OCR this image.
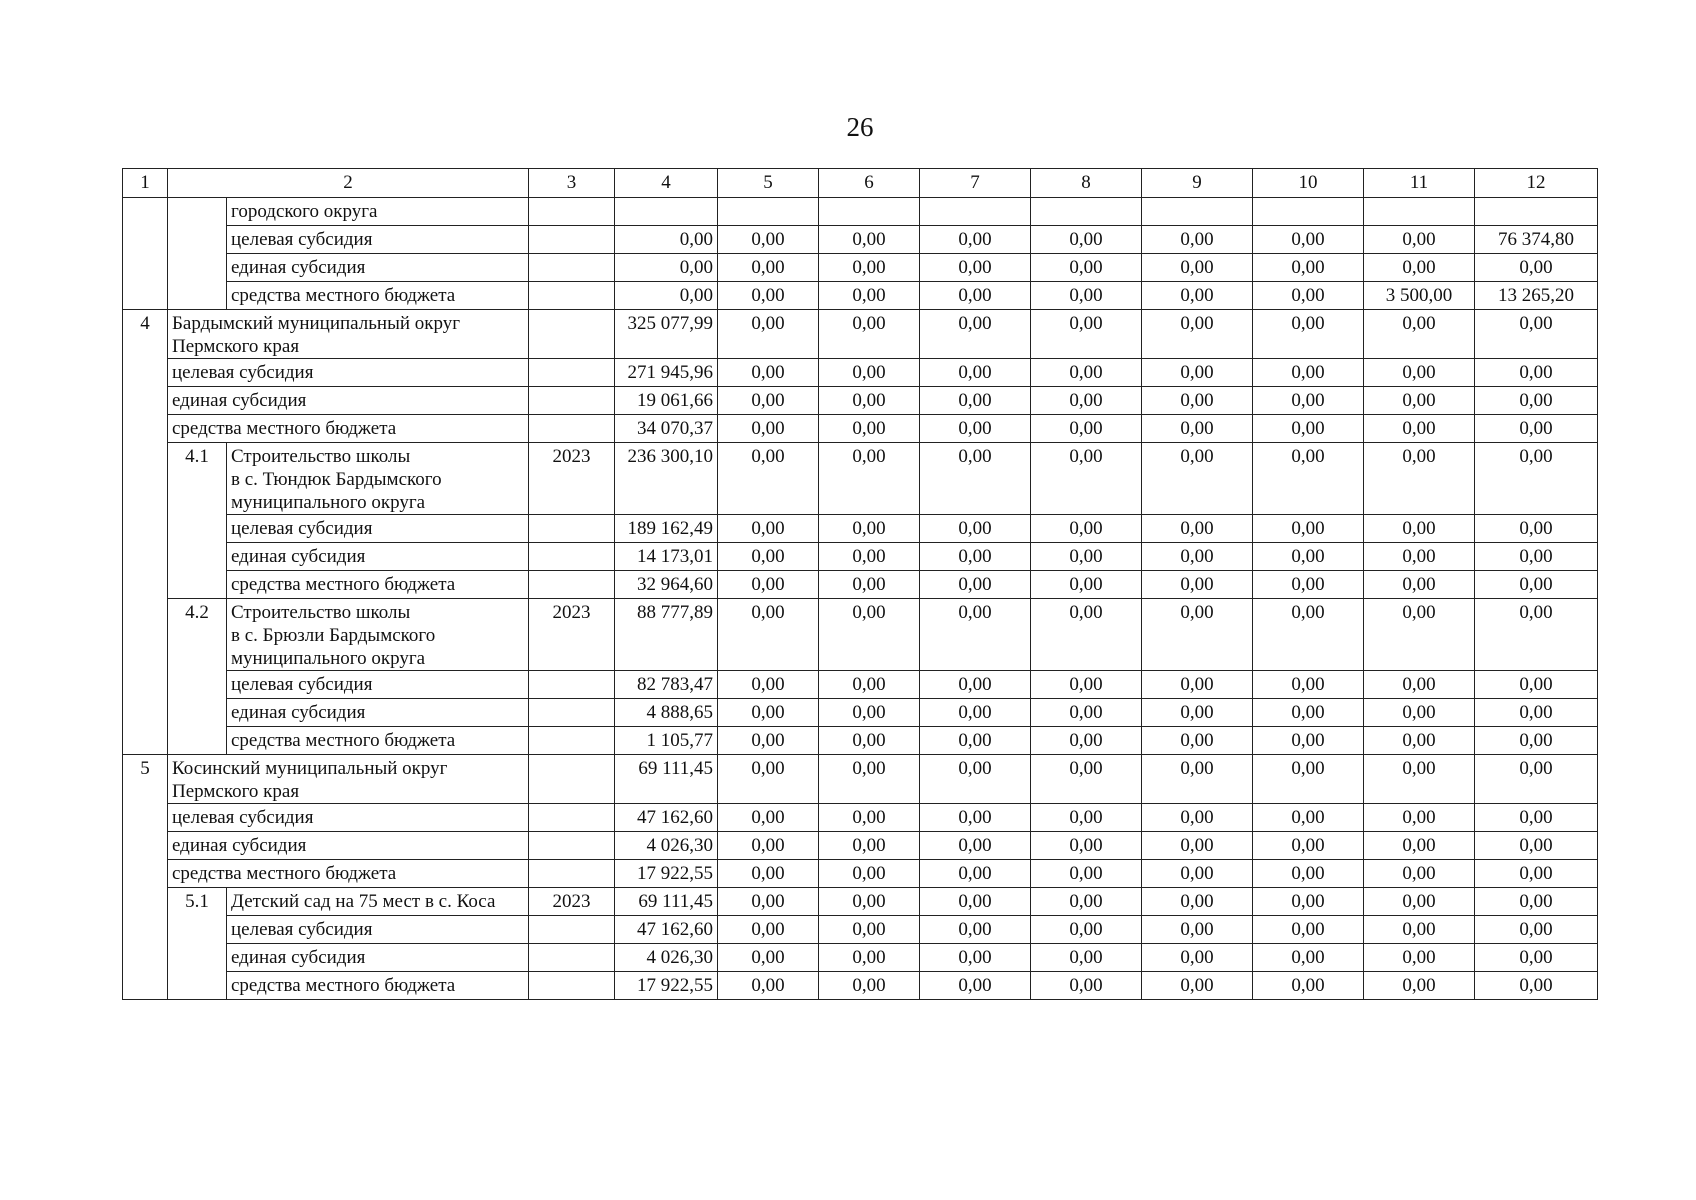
26
1	2		3	4	5	6	7	8	9	10	11	12
		городского округа										
		целевая субсидия		0,00	0,00	0,00	0,00	0,00	0,00	0,00	0,00	76 374,80
		единая субсидия		0,00	0,00	0,00	0,00	0,00	0,00	0,00	0,00	0,00
		средства местного бюджета		0,00	0,00	0,00	0,00	0,00	0,00	0,00	3 500,00	13 265,20
4	Бардымский муниципальный округ Пермского края			325 077,99	0,00	0,00	0,00	0,00	0,00	0,00	0,00	0,00
	целевая субсидия			271 945,96	0,00	0,00	0,00	0,00	0,00	0,00	0,00	0,00
	единая субсидия			19 061,66	0,00	0,00	0,00	0,00	0,00	0,00	0,00	0,00
	средства местного бюджета			34 070,37	0,00	0,00	0,00	0,00	0,00	0,00	0,00	0,00
	4.1	Строительство школы
в с. Тюндюк Бардымского
муниципального округа	2023	236 300,10	0,00	0,00	0,00	0,00	0,00	0,00	0,00	0,00
		целевая субсидия		189 162,49	0,00	0,00	0,00	0,00	0,00	0,00	0,00	0,00
		единая субсидия		14 173,01	0,00	0,00	0,00	0,00	0,00	0,00	0,00	0,00
		средства местного бюджета		32 964,60	0,00	0,00	0,00	0,00	0,00	0,00	0,00	0,00
	4.2	Строительство школы
в с. Брюзли Бардымского
муниципального округа	2023	88 777,89	0,00	0,00	0,00	0,00	0,00	0,00	0,00	0,00
		целевая субсидия		82 783,47	0,00	0,00	0,00	0,00	0,00	0,00	0,00	0,00
		единая субсидия		4 888,65	0,00	0,00	0,00	0,00	0,00	0,00	0,00	0,00
		средства местного бюджета		1 105,77	0,00	0,00	0,00	0,00	0,00	0,00	0,00	0,00
5	Косинский муниципальный округ Пермского края			69 111,45	0,00	0,00	0,00	0,00	0,00	0,00	0,00	0,00
	целевая субсидия			47 162,60	0,00	0,00	0,00	0,00	0,00	0,00	0,00	0,00
	единая субсидия			4 026,30	0,00	0,00	0,00	0,00	0,00	0,00	0,00	0,00
	средства местного бюджета			17 922,55	0,00	0,00	0,00	0,00	0,00	0,00	0,00	0,00
	5.1	Детский сад на 75 мест в с. Коса	2023	69 111,45	0,00	0,00	0,00	0,00	0,00	0,00	0,00	0,00
		целевая субсидия		47 162,60	0,00	0,00	0,00	0,00	0,00	0,00	0,00	0,00
		единая субсидия		4 026,30	0,00	0,00	0,00	0,00	0,00	0,00	0,00	0,00
		средства местного бюджета		17 922,55	0,00	0,00	0,00	0,00	0,00	0,00	0,00	0,00
